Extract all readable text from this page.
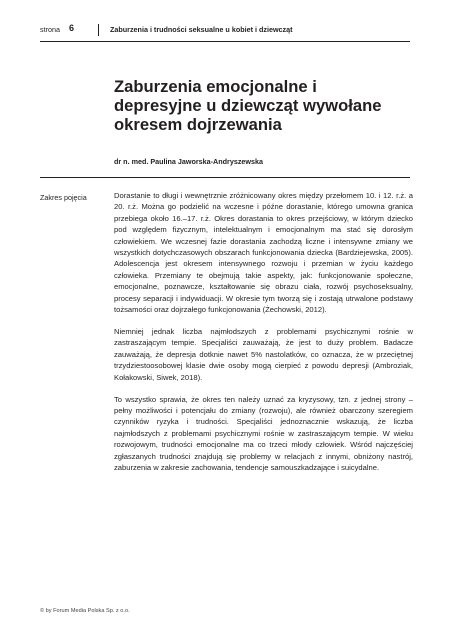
strona 6	Zaburzenia i trudności seksualne u kobiet i dziewcząt
Zaburzenia emocjonalne i depresyjne u dziewcząt wywołane okresem dojrzewania
dr n. med. Paulina Jaworska-Andryszewska
Zakres pojęcia	Dorastanie to długi i wewnętrznie zróżnicowany okres między przełomem 10. i 12. r.ż. a 20. r.ż. Można go podzielić na wczesne i późne dorastanie, którego umowna granica przebiega około 16.–17. r.ż. Okres dorastania to okres przejściowy, w którym dziecko pod względem fizycznym, intelektualnym i emocjonalnym ma stać się dorosłym człowiekiem. We wczesnej fazie dorastania zachodzą liczne i intensywne zmiany we wszystkich dotychczasowych obszarach funkcjonowania dziecka (Bardziejewska, 2005). Adolescencja jest okresem intensywnego rozwoju i przemian w życiu każdego człowieka. Przemiany te obejmują takie aspekty, jak: funkcjonowanie społeczne, emocjonalne, poznawcze, kształtowanie się obrazu ciała, rozwój psychoseksualny, procesy separacji i indywiduacji. W okresie tym tworzą się i zostają utrwalone podstawy tożsamości oraz dojrzałego funkcjonowania (Żechowski, 2012).

Niemniej jednak liczba najmłodszych z problemami psychicznymi rośnie w zastraszającym tempie. Specjaliści zauważają, że jest to duży problem. Badacze zauważają, że depresja dotknie nawet 5% nastolatków, co oznacza, że w przeciętnej trzydziestoosobowej klasie dwie osoby mogą cierpieć z powodu depresji (Ambroziak, Kołakowski, Siwek, 2018).

To wszystko sprawia, że okres ten należy uznać za kryzysowy, tzn. z jednej strony – pełny możliwości i potencjału do zmiany (rozwoju), ale również obarczony szeregiem czynników ryzyka i trudności. Specjaliści jednoznacznie wskazują, że liczba najmłodszych z problemami psychicznymi rośnie w zastraszającym tempie. W wieku rozwojowym, trudności emocjonalne ma co trzeci młody człowiek. Wśród najczęściej zgłaszanych trudności znajdują się problemy w relacjach z innymi, obniżony nastrój, zaburzenia w zakresie zachowania, tendencje samouszkadzające i suicydalne.

© by Forum Media Polska Sp. z o.o.
